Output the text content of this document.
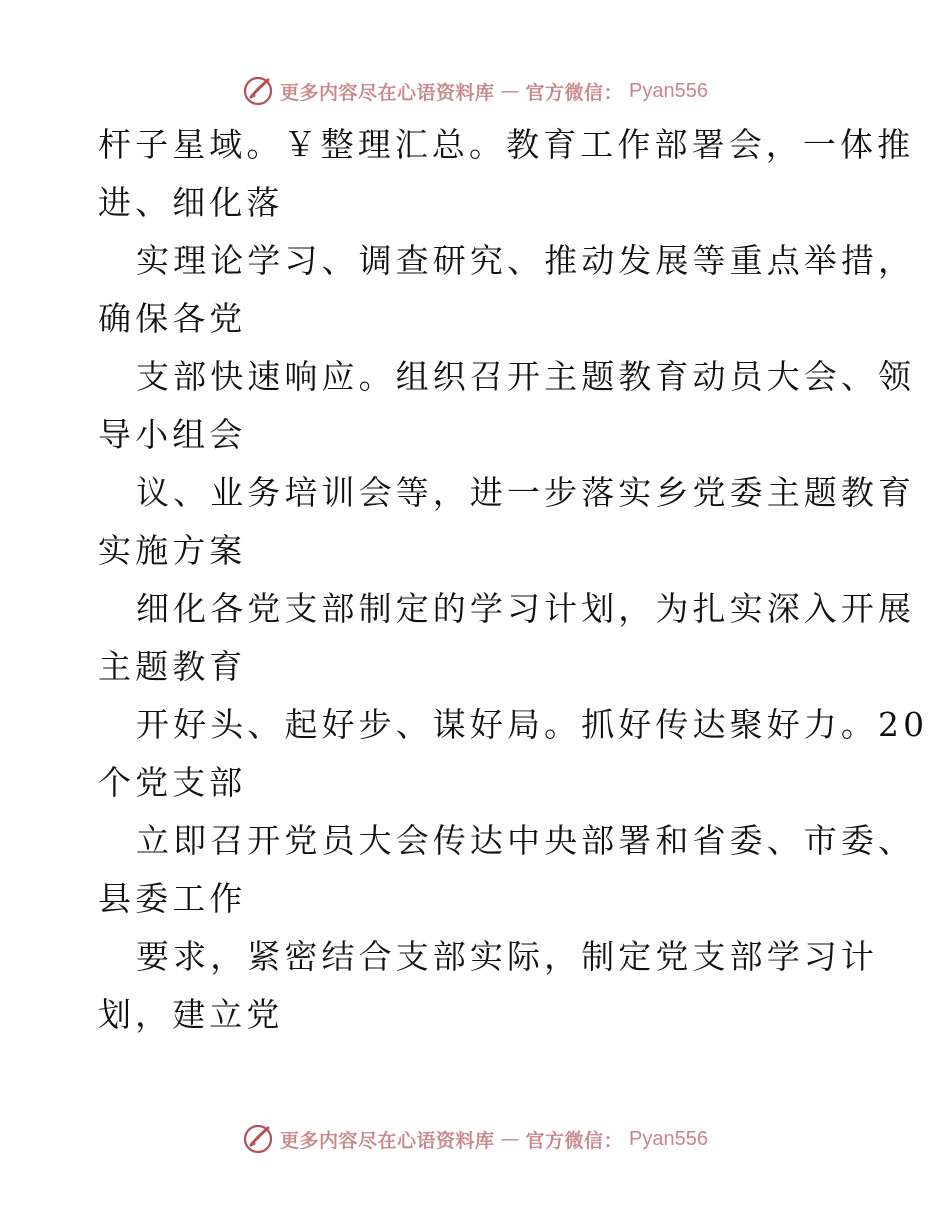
更多内容尽在心语资料库 — 官方微信： Pyan556
杆子星域。￥整理汇总。教育工作部署会，一体推
进、细化落
实理论学习、调查研究、推动发展等重点举措，
确保各党
支部快速响应。组织召开主题教育动员大会、领
导小组会
议、业务培训会等，进一步落实乡党委主题教育
实施方案
细化各党支部制定的学习计划，为扎实深入开展
主题教育
开好头、起好步、谋好局。抓好传达聚好力。20
个党支部
立即召开党员大会传达中央部署和省委、市委、
县委工作
要求，紧密结合支部实际，制定党支部学习计
划，建立党
更多内容尽在心语资料库 — 官方微信： Pyan556
